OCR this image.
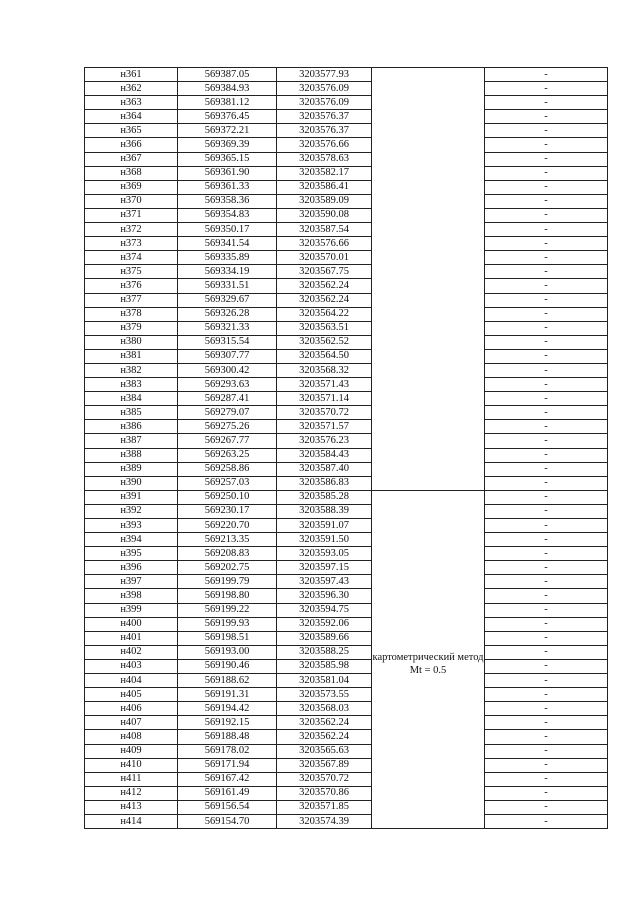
н361	569387.05	3203577.93		-
н362	569384.93	3203576.09		-
н363	569381.12	3203576.09		-
н364	569376.45	3203576.37		-
н365	569372.21	3203576.37		-
н366	569369.39	3203576.66		-
н367	569365.15	3203578.63		-
н368	569361.90	3203582.17		-
н369	569361.33	3203586.41		-
н370	569358.36	3203589.09		-
н371	569354.83	3203590.08		-
н372	569350.17	3203587.54		-
н373	569341.54	3203576.66		-
н374	569335.89	3203570.01		-
н375	569334.19	3203567.75		-
н376	569331.51	3203562.24		-
н377	569329.67	3203562.24		-
н378	569326.28	3203564.22		-
н379	569321.33	3203563.51		-
н380	569315.54	3203562.52		-
н381	569307.77	3203564.50		-
н382	569300.42	3203568.32		-
н383	569293.63	3203571.43		-
н384	569287.41	3203571.14		-
н385	569279.07	3203570.72		-
н386	569275.26	3203571.57		-
н387	569267.77	3203576.23		-
н388	569263.25	3203584.43		-
н389	569258.86	3203587.40		-
н390	569257.03	3203586.83		-
н391	569250.10	3203585.28	картометрический метод Mt = 0.5	-
н392	569230.17	3203588.39		-
н393	569220.70	3203591.07		-
н394	569213.35	3203591.50		-
н395	569208.83	3203593.05		-
н396	569202.75	3203597.15		-
н397	569199.79	3203597.43		-
н398	569198.80	3203596.30		-
н399	569199.22	3203594.75		-
н400	569199.93	3203592.06		-
н401	569198.51	3203589.66		-
н402	569193.00	3203588.25		-
н403	569190.46	3203585.98		-
н404	569188.62	3203581.04		-
н405	569191.31	3203573.55		-
н406	569194.42	3203568.03		-
н407	569192.15	3203562.24		-
н408	569188.48	3203562.24		-
н409	569178.02	3203565.63		-
н410	569171.94	3203567.89		-
н411	569167.42	3203570.72		-
н412	569161.49	3203570.86		-
н413	569156.54	3203571.85		-
н414	569154.70	3203574.39		-
